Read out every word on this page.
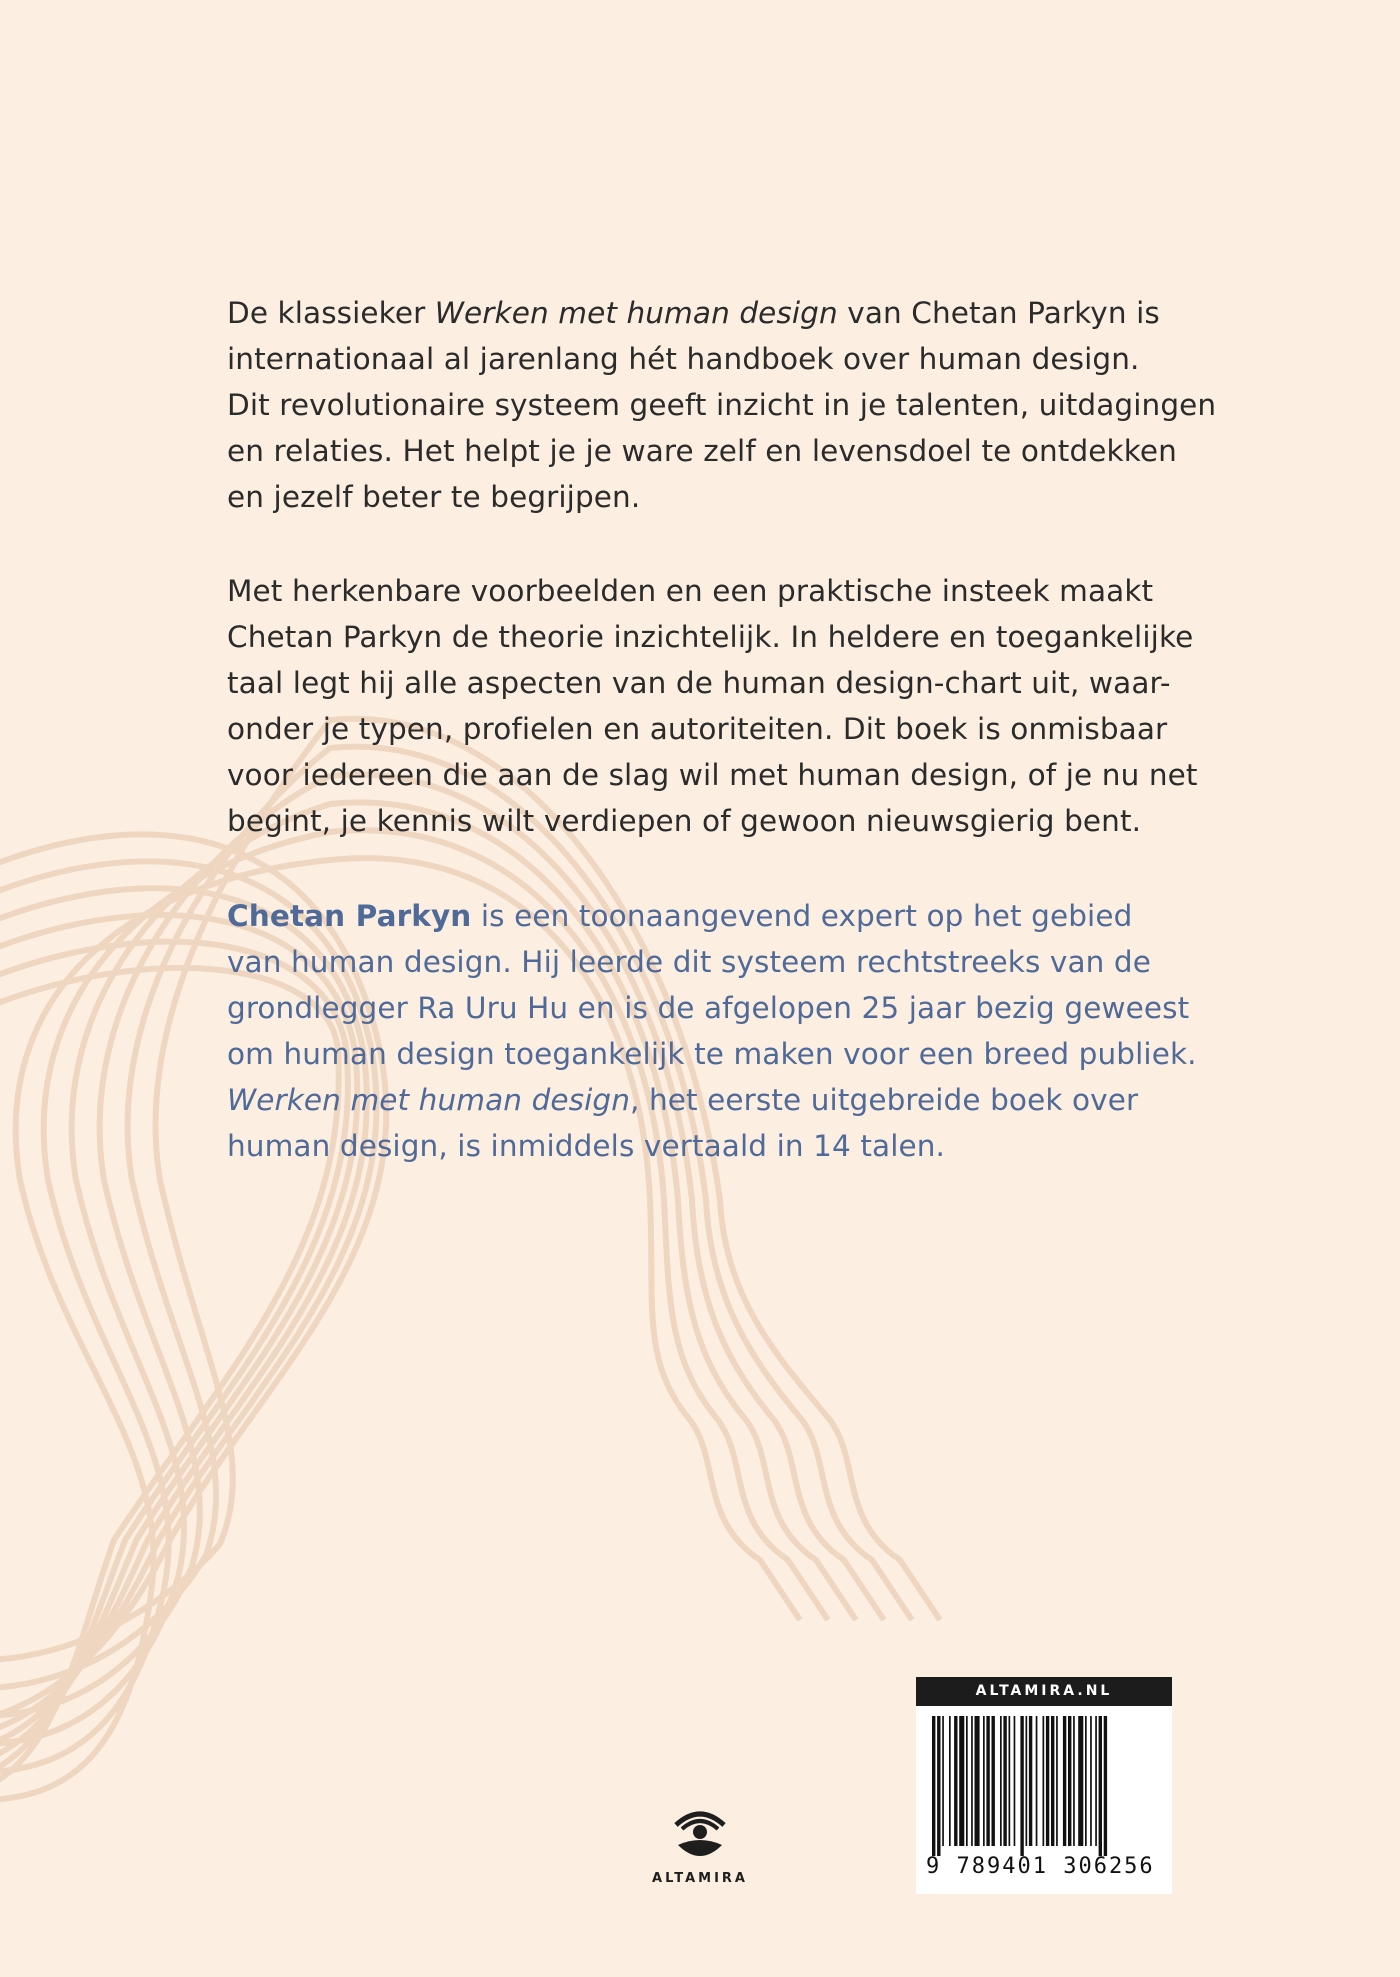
De klassieker Werken met human design van Chetan Parkyn is
internationaal al jarenlang hét handboek over human design.
Dit revolutionaire systeem geeft inzicht in je talenten, uitdagingen
en relaties. Het helpt je je ware zelf en levensdoel te ontdekken
en jezelf beter te begrijpen.
Met herkenbare voorbeelden en een praktische insteek maakt
Chetan Parkyn de theorie inzichtelijk. In heldere en toegankelijke
taal legt hij alle aspecten van de human design-chart uit, waar-
onder je typen, profielen en autoriteiten. Dit boek is onmisbaar
voor iedereen die aan de slag wil met human design, of je nu net
begint, je kennis wilt verdiepen of gewoon nieuwsgierig bent.
Chetan Parkyn is een toonaangevend expert op het gebied
van human design. Hij leerde dit systeem rechtstreeks van de
grondlegger Ra Uru Hu en is de afgelopen 25 jaar bezig geweest
om human design toegankelijk te maken voor een breed publiek.
Werken met human design, het eerste uitgebreide boek over
human design, is inmiddels vertaald in 14 talen.
ALTAMIRA
ALTAMIRA.NL
9 789401 306256
